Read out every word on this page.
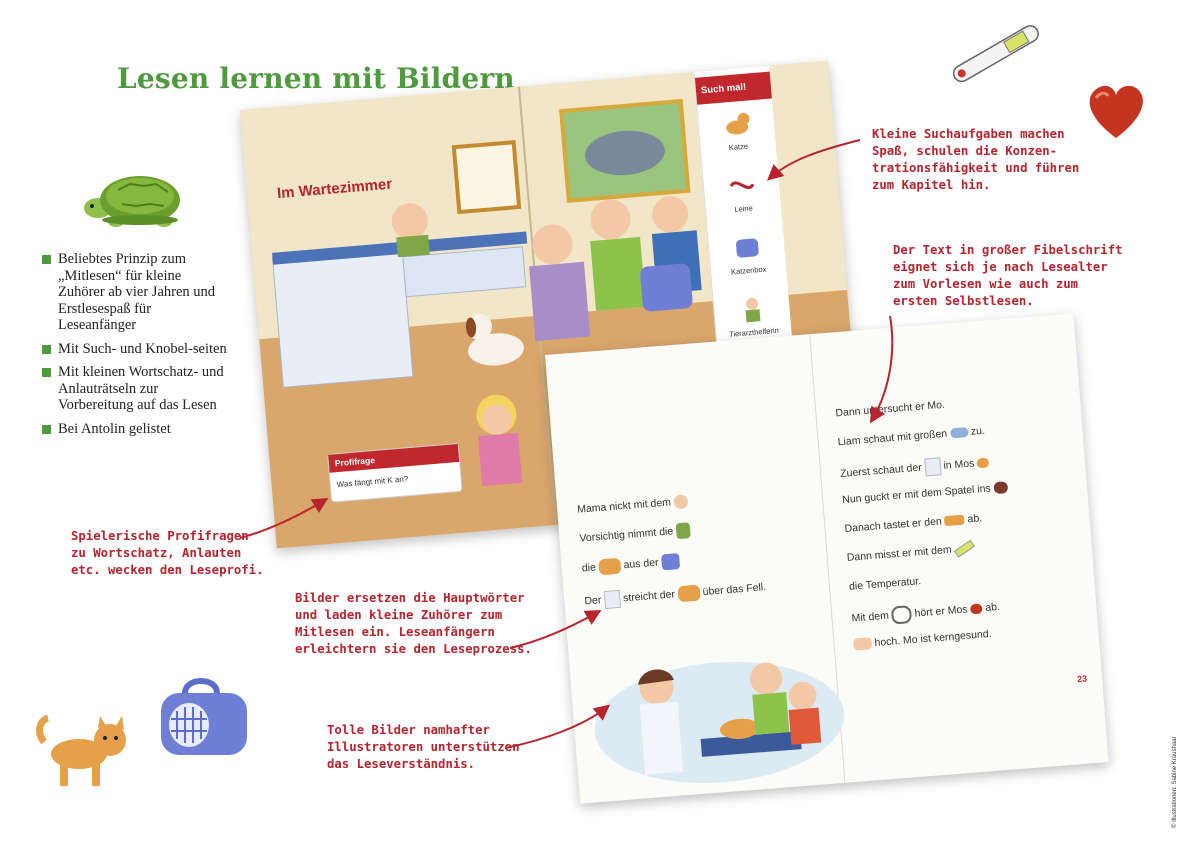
Lesen lernen mit Bildern
Beliebtes Prinzip zum „Mitlesen“ für kleine Zuhörer ab vier Jahren und Erstlesespaß für Leseanfänger
Mit Such- und Knobel-seiten
Mit kleinen Wortschatz- und Anlauträtseln zur Vorbereitung auf das Lesen
Bei Antolin gelistet
Im Wartezimmer
Such mal!
Katze
Leine
Katzenbox
Tierarzthelferin
Profifrage
Was fängt mit K an?
Mama nickt mit dem
Vorsichtig nimmt die
die	aus der
Der streicht der	über das Fell.
Dann untersucht er Mo.
Liam schaut mit großen zu.
Zuerst schaut der in Mos
Nun guckt er mit dem Spatel ins
Danach tastet er den ab.
Dann misst er mit dem
die Temperatur.
Mit dem hört er Mos ab.
hoch. Mo ist kerngesund.
23
Kleine Suchaufgaben machen
Spaß, schulen die Konzen-
trationsfähigkeit und führen
zum Kapitel hin.
Der Text in großer Fibelschrift
eignet sich je nach Lesealter
zum Vorlesen wie auch zum
ersten Selbstlesen.
Spielerische Profifragen
zu Wortschatz, Anlauten
etc. wecken den Leseprofi.
Bilder ersetzen die Hauptwörter
und laden kleine Zuhörer zum
Mitlesen ein. Leseanfängern
erleichtern sie den Leseprozess.
Tolle Bilder namhafter
Illustratoren unterstützen
das Leseverständnis.	© Illustrationen: Sabine Kraushaar
